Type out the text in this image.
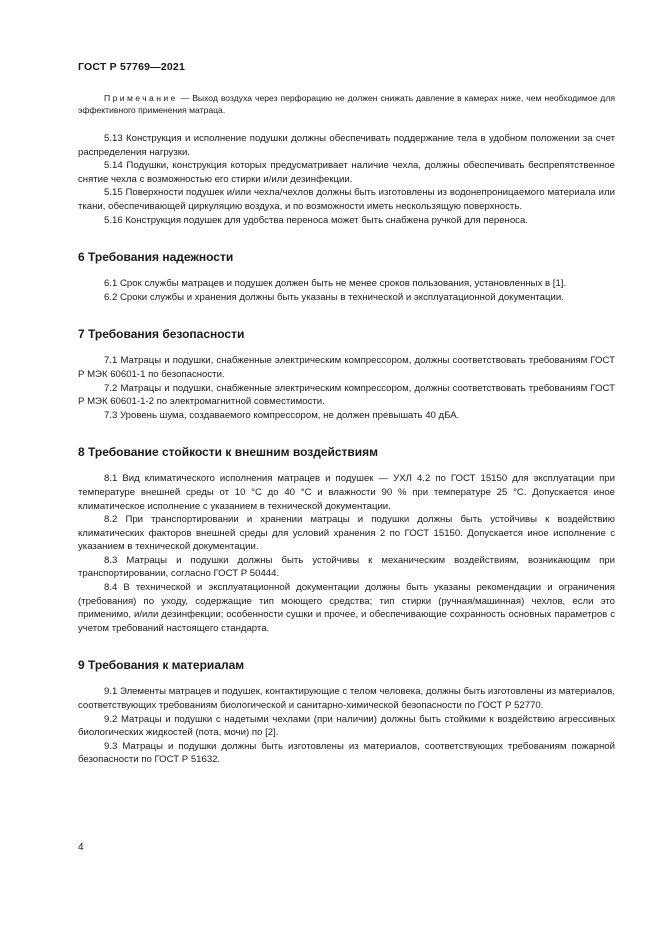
ГОСТ Р 57769—2021

Примечание — Выход воздуха через перфорацию не должен снижать давление в камерах ниже, чем необходимое для эффективного применения матраца.

5.13 Конструкция и исполнение подушки должны обеспечивать поддержание тела в удобном положении за счет распределения нагрузки.

5.14 Подушки, конструкция которых предусматривает наличие чехла, должны обеспечивать беспрепятственное снятие чехла с возможностью его стирки и/или дезинфекции.

5.15 Поверхности подушек и/или чехла/чехлов должны быть изготовлены из водонепроницаемого материала или ткани, обеспечивающей циркуляцию воздуха, и по возможности иметь нескользящую поверхность.

5.16 Конструкция подушек для удобства переноса может быть снабжена ручкой для переноса.

6 Требования надежности

6.1 Срок службы матрацев и подушек должен быть не менее сроков пользования, установленных в [1].

6.2 Сроки службы и хранения должны быть указаны в технической и эксплуатационной документации.

7 Требования безопасности

7.1 Матрацы и подушки, снабженные электрическим компрессором, должны соответствовать требованиям ГОСТ Р МЭК 60601-1 по безопасности.

7.2 Матрацы и подушки, снабженные электрическим компрессором, должны соответствовать требованиям ГОСТ Р МЭК 60601-1-2 по электромагнитной совместимости.

7.3 Уровень шума, создаваемого компрессором, не должен превышать 40 дБА.

8 Требование стойкости к внешним воздействиям

8.1 Вид климатического исполнения матрацев и подушек — УХЛ 4.2 по ГОСТ 15150 для эксплуатации при температуре внешней среды от 10 °С до 40 °С и влажности 90 % при температуре 25 °С. Допускается иное климатическое исполнение с указанием в технической документации.

8.2 При транспортировании и хранении матрацы и подушки должны быть устойчивы к воздействию климатических факторов внешней среды для условий хранения 2 по ГОСТ 15150. Допускается иное исполнение с указанием в технической документации.

8.3 Матрацы и подушки должны быть устойчивы к механическим воздействиям, возникающим при транспортировании, согласно ГОСТ Р 50444.

8.4 В технической и эксплуатационной документации должны быть указаны рекомендации и ограничения (требования) по уходу, содержащие тип моющего средства; тип стирки (ручная/машинная) чехлов, если это применимо, и/или дезинфекции; особенности сушки и прочее, и обеспечивающие сохранность основных параметров с учетом требований настоящего стандарта.

9 Требования к материалам

9.1 Элементы матрацев и подушек, контактирующие с телом человека, должны быть изготовлены из материалов, соответствующих требованиям биологической и санитарно-химической безопасности по ГОСТ Р 52770.

9.2 Матрацы и подушки с надетыми чехлами (при наличии) должны быть стойкими к воздействию агрессивных биологических жидкостей (пота, мочи) по [2].

9.3 Матрацы и подушки должны быть изготовлены из материалов, соответствующих требованиям пожарной безопасности по ГОСТ Р 51632.

4
